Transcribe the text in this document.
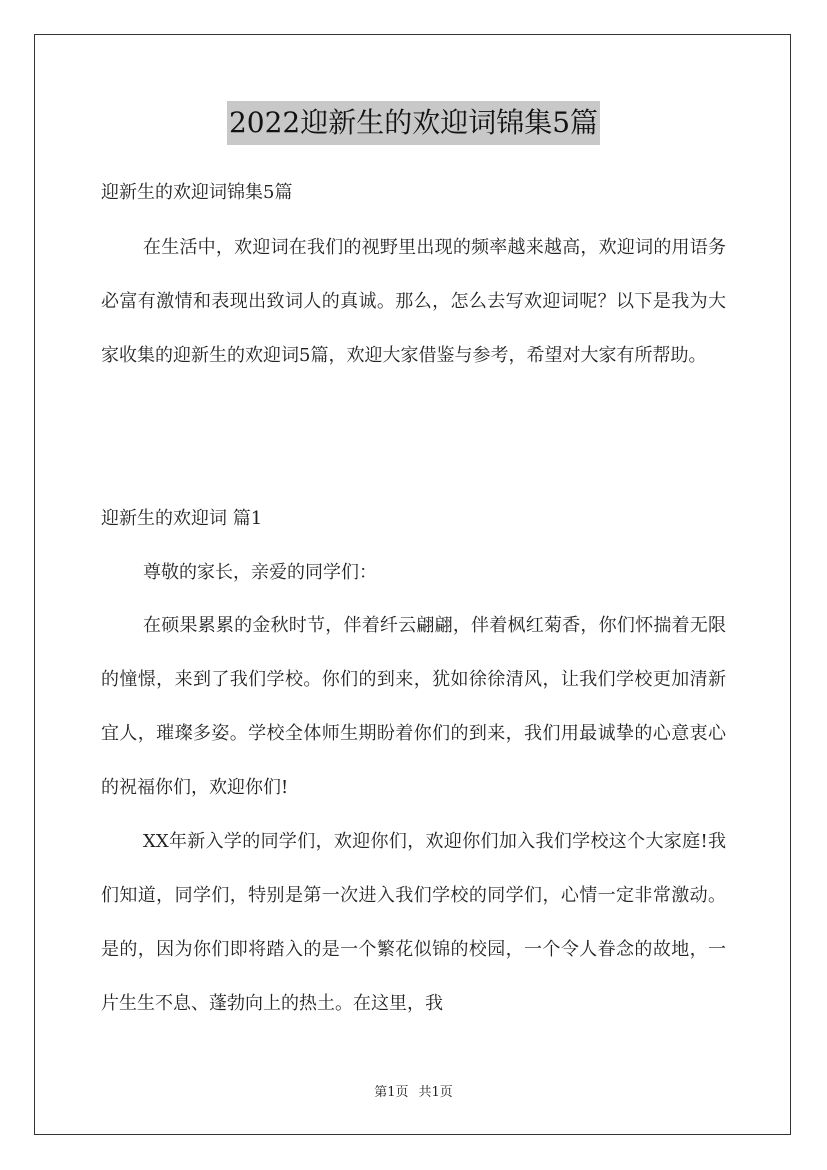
2022迎新生的欢迎词锦集5篇
迎新生的欢迎词锦集5篇
在生活中，欢迎词在我们的视野里出现的频率越来越高，欢迎词的用语务必富有激情和表现出致词人的真诚。那么，怎么去写欢迎词呢？以下是我为大家收集的迎新生的欢迎词5篇，欢迎大家借鉴与参考，希望对大家有所帮助。
迎新生的欢迎词 篇1
尊敬的家长，亲爱的同学们：
在硕果累累的金秋时节，伴着纤云翩翩，伴着枫红菊香，你们怀揣着无限的憧憬，来到了我们学校。你们的到来，犹如徐徐清风，让我们学校更加清新宜人，璀璨多姿。学校全体师生期盼着你们的到来，我们用最诚挚的心意衷心的祝福你们，欢迎你们!
XX年新入学的同学们，欢迎你们，欢迎你们加入我们学校这个大家庭!我们知道，同学们，特别是第一次进入我们学校的同学们，心情一定非常激动。是的，因为你们即将踏入的是一个繁花似锦的校园，一个令人眷念的故地，一片生生不息、蓬勃向上的热土。在这里，我
第1页 共1页
